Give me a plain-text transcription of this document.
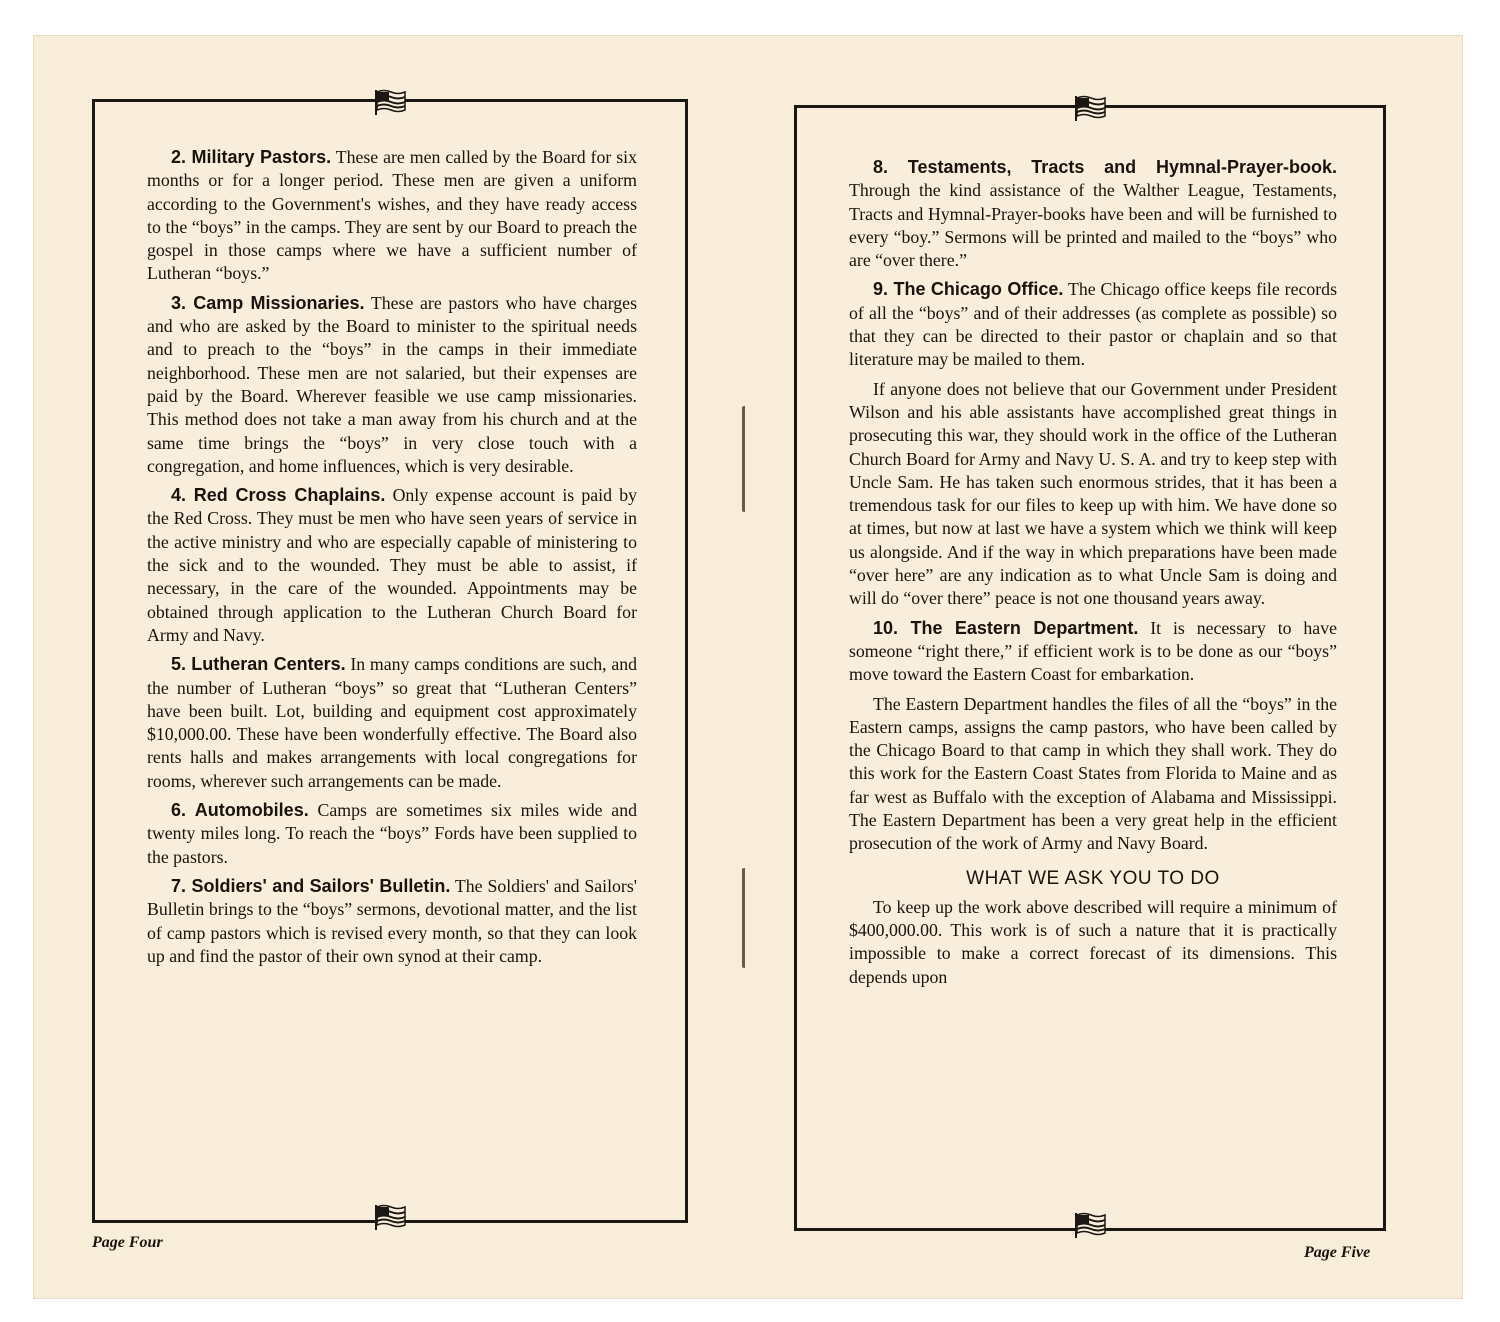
2. Military Pastors. These are men called by the Board for six months or for a longer period. These men are given a uniform according to the Government's wishes, and they have ready access to the “boys” in the camps. They are sent by our Board to preach the gospel in those camps where we have a sufficient number of Lutheran “boys.”

3. Camp Missionaries. These are pastors who have charges and who are asked by the Board to minister to the spiritual needs and to preach to the “boys” in the camps in their immediate neighborhood. These men are not salaried, but their expenses are paid by the Board. Wherever feasible we use camp missionaries. This method does not take a man away from his church and at the same time brings the “boys” in very close touch with a congregation, and home influences, which is very desirable.

4. Red Cross Chaplains. Only expense account is paid by the Red Cross. They must be men who have seen years of service in the active ministry and who are especially capable of ministering to the sick and to the wounded. They must be able to assist, if necessary, in the care of the wounded. Appointments may be obtained through application to the Lutheran Church Board for Army and Navy.

5. Lutheran Centers. In many camps conditions are such, and the number of Lutheran “boys” so great that “Lutheran Centers” have been built. Lot, building and equipment cost approximately $10,000.00. These have been wonderfully effective. The Board also rents halls and makes arrangements with local congregations for rooms, wherever such arrangements can be made.

6. Automobiles. Camps are sometimes six miles wide and twenty miles long. To reach the “boys” Fords have been supplied to the pastors.

7. Soldiers' and Sailors' Bulletin. The Soldiers' and Sailors' Bulletin brings to the “boys” sermons, devotional matter, and the list of camp pastors which is revised every month, so that they can look up and find the pastor of their own synod at their camp.

8. Testaments, Tracts and Hymnal-Prayer-book. Through the kind assistance of the Walther League, Testaments, Tracts and Hymnal-Prayer-books have been and will be furnished to every “boy.” Sermons will be printed and mailed to the “boys” who are “over there.”

9. The Chicago Office. The Chicago office keeps file records of all the “boys” and of their addresses (as complete as possible) so that they can be directed to their pastor or chaplain and so that literature may be mailed to them.

If anyone does not believe that our Government under President Wilson and his able assistants have accomplished great things in prosecuting this war, they should work in the office of the Lutheran Church Board for Army and Navy U. S. A. and try to keep step with Uncle Sam. He has taken such enormous strides, that it has been a tremendous task for our files to keep up with him. We have done so at times, but now at last we have a system which we think will keep us alongside. And if the way in which preparations have been made “over here” are any indication as to what Uncle Sam is doing and will do “over there” peace is not one thousand years away.

10. The Eastern Department. It is necessary to have someone “right there,” if efficient work is to be done as our “boys” move toward the Eastern Coast for embarkation.

The Eastern Department handles the files of all the “boys” in the Eastern camps, assigns the camp pastors, who have been called by the Chicago Board to that camp in which they shall work. They do this work for the Eastern Coast States from Florida to Maine and as far west as Buffalo with the exception of Alabama and Mississippi. The Eastern Department has been a very great help in the efficient prosecution of the work of Army and Navy Board.

WHAT WE ASK YOU TO DO

To keep up the work above described will require a minimum of $400,000.00. This work is of such a nature that it is practically impossible to make a correct forecast of its dimensions. This depends upon

Page Four
Page Five
